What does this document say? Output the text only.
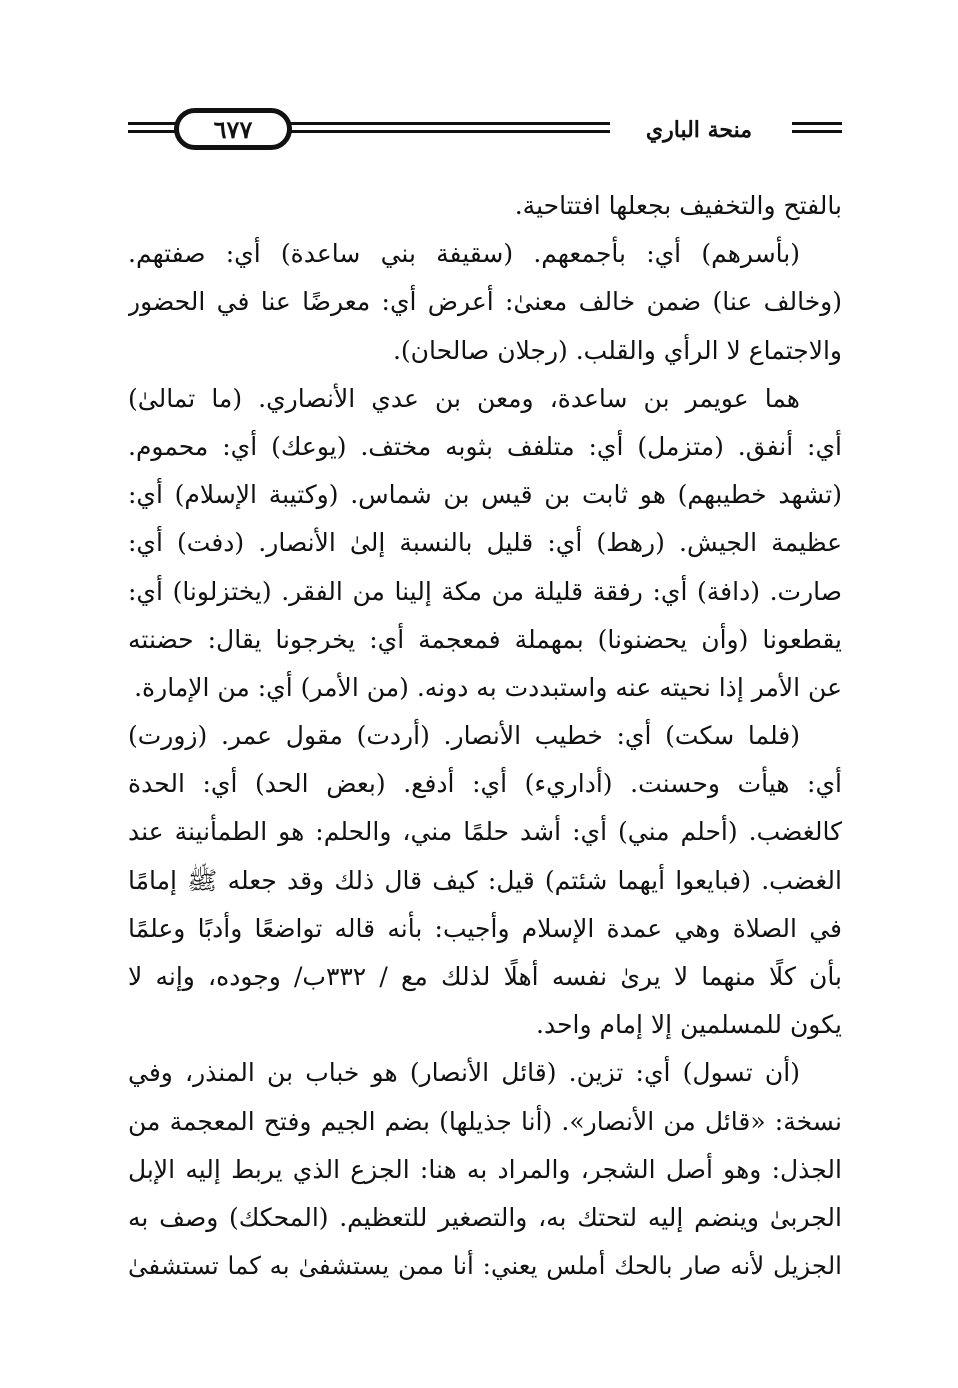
منحة الباري
٦٧٧
بالفتح والتخفيف بجعلها افتتاحية.
(بأسرهم) أي: بأجمعهم. (سقيفة بني ساعدة) أي: صفتهم.
(وخالف عنا) ضمن خالف معنىٰ: أعرض أي: معرضًا عنا في الحضور
والاجتماع لا الرأي والقلب. (رجلان صالحان).
هما عويمر بن ساعدة، ومعن بن عدي الأنصاري. (ما تمالىٰ)
أي: أنفق. (متزمل) أي: متلفف بثوبه مختف. (يوعك) أي: محموم.
(تشهد خطيبهم) هو ثابت بن قيس بن شماس. (وكتيبة الإسلام) أي:
عظيمة الجيش. (رهط) أي: قليل بالنسبة إلىٰ الأنصار. (دفت) أي:
صارت. (دافة) أي: رفقة قليلة من مكة إلينا من الفقر. (يختزلونا) أي:
يقطعونا (وأن يحضنونا) بمهملة فمعجمة أي: يخرجونا يقال: حضنته
عن الأمر إذا نحيته عنه واستبددت به دونه. (من الأمر) أي: من الإمارة.
(فلما سكت) أي: خطيب الأنصار. (أردت) مقول عمر. (زورت)
أي: هيأت وحسنت. (أداريء) أي: أدفع. (بعض الحد) أي: الحدة
كالغضب. (أحلم مني) أي: أشد حلمًا مني، والحلم: هو الطمأنينة عند
الغضب. (فبايعوا أيهما شئتم) قيل: كيف قال ذلك وقد جعله ﷺ إمامًا
في الصلاة وهي عمدة الإسلام وأجيب: بأنه قاله تواضعًا وأدبًا وعلمًا
بأن كلًا منهما لا يرىٰ نفسه أهلًا لذلك مع / ٣٣٢ب/ وجوده، وإنه لا
يكون للمسلمين إلا إمام واحد.
(أن تسول) أي: تزين. (قائل الأنصار) هو خباب بن المنذر، وفي
نسخة: «قائل من الأنصار». (أنا جذيلها) بضم الجيم وفتح المعجمة من
الجذل: وهو أصل الشجر، والمراد به هنا: الجزع الذي يربط إليه الإبل
الجربىٰ وينضم إليه لتحتك به، والتصغير للتعظيم. (المحكك) وصف به
الجزيل لأنه صار بالحك أملس يعني: أنا ممن يستشفىٰ به كما تستشفىٰ
